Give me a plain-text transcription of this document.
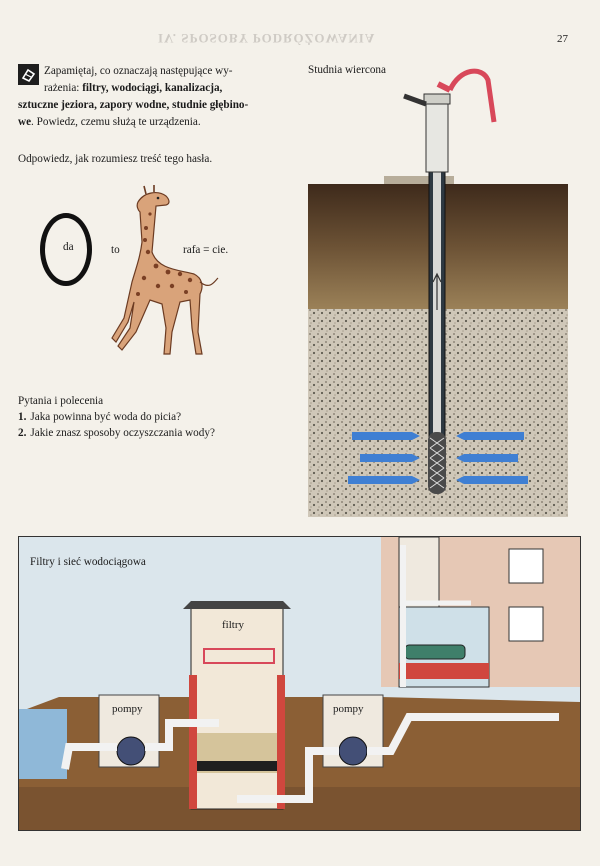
IV. SPOSOBY PODRÓŻOWANIA	27
Zapamiętaj, co oznaczają następujące wy-
rażenia: filtry, wodociągi, kanalizacja,
sztuczne jeziora, zapory wodne, studnie głębino-
we. Powiedz, czemu służą te urządzenia.
Odpowiedz, jak rozumiesz treść tego hasła.
da	to	rafa = cie.
Pytania i polecenia
1. Jaka powinna być woda do picia?
2. Jakie znasz sposoby oczyszczania wody?
Studnia wiercona
Filtry i sieć wodociągowa
filtry
pompy	pompy
